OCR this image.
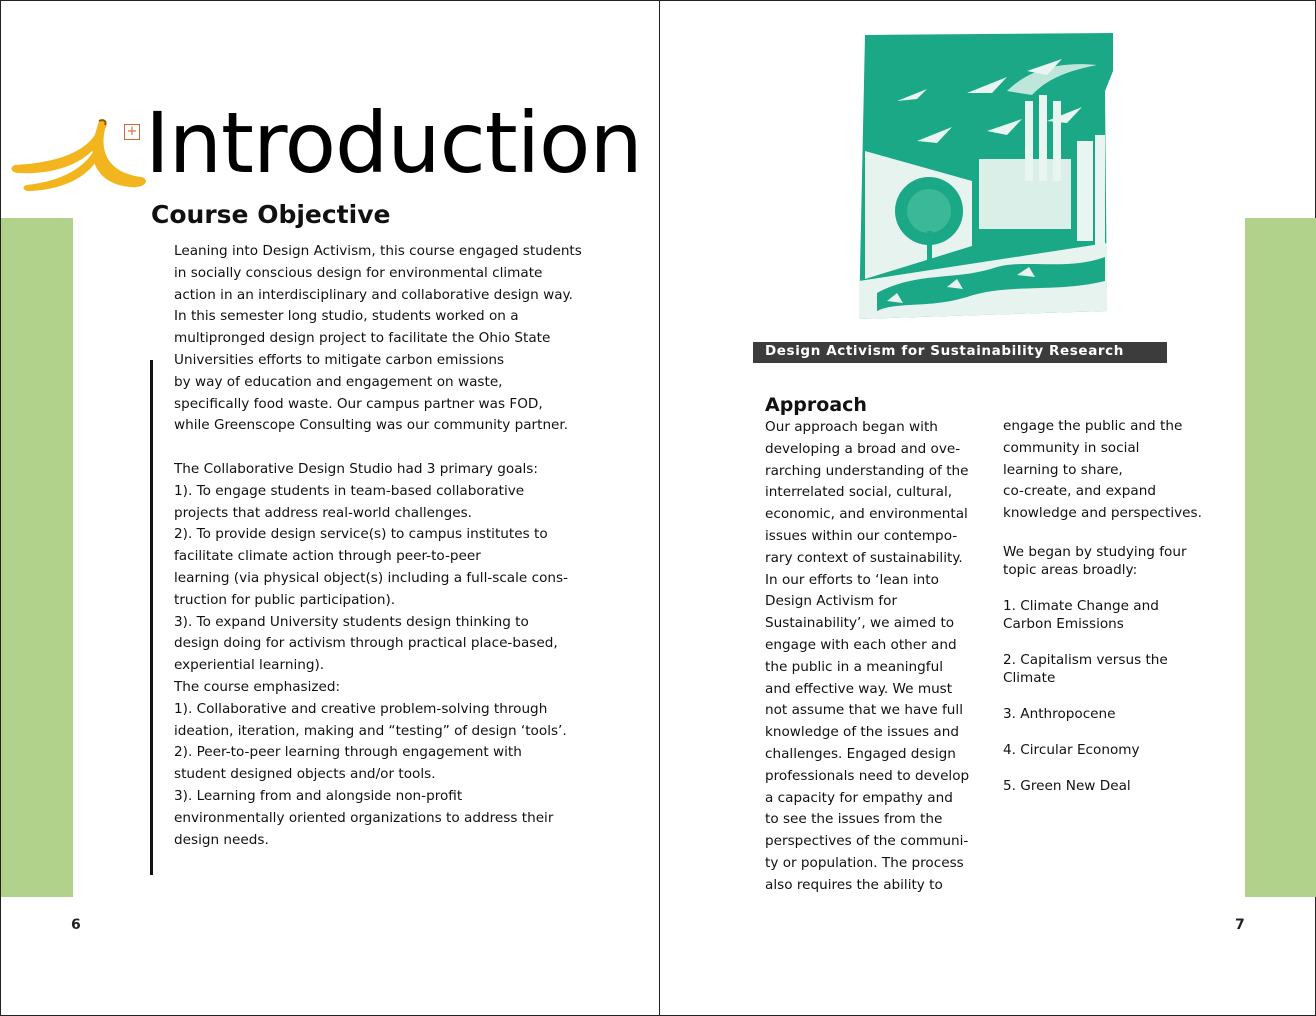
+ Introduction
Course Objective
Leaning into Design Activism, this course engaged students
in socially conscious design for environmental climate
action in an interdisciplinary and collaborative design way.
In this semester long studio, students worked on a
multipronged design project to facilitate the Ohio State
Universities efforts to mitigate carbon emissions
by way of education and engagement on waste,
specifically food waste. Our campus partner was FOD,
while Greenscope Consulting was our community partner.

The Collaborative Design Studio had 3 primary goals:
1). To engage students in team-based collaborative
projects that address real-world challenges.
2). To provide design service(s) to campus institutes to
facilitate climate action through peer-to-peer
learning (via physical object(s) including a full-scale cons-
truction for public participation).
3). To expand University students design thinking to
design doing for activism through practical place-based,
experiential learning).
The course emphasized:
1). Collaborative and creative problem-solving through
ideation, iteration, making and “testing” of design ‘tools’.
2). Peer-to-peer learning through engagement with
student designed objects and/or tools.
3). Learning from and alongside non-profit
environmentally oriented organizations to address their
design needs.
6
Design Activism for Sustainability Research
Approach
Our approach began with
developing a broad and ove-
rarching understanding of the
interrelated social, cultural,
economic, and environmental
issues within our contempo-
rary context of sustainability.
In our efforts to ‘lean into
Design Activism for
Sustainability’, we aimed to
engage with each other and
the public in a meaningful
and effective way. We must
not assume that we have full
knowledge of the issues and
challenges. Engaged design
professionals need to develop
a capacity for empathy and
to see the issues from the
perspectives of the communi-
ty or population. The process
also requires the ability to
engage the public and the
community in social
learning to share,
co-create, and expand
knowledge and perspectives.
We began by studying four
topic areas broadly:
1. Climate Change and
Carbon Emissions
2. Capitalism versus the
Climate
3. Anthropocene
4. Circular Economy
5. Green New Deal
7
